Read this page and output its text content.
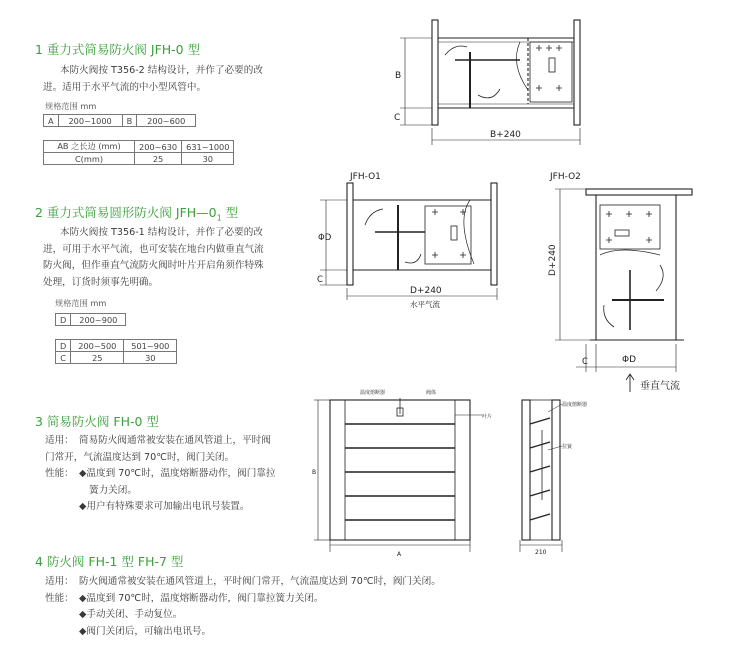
1 重力式简易防火阀 JFH-0 型
本防火阀按 T356-2 结构设计，并作了必要的改
进。适用于水平气流的中小型风管中。
规格范围 mm
A	200~1000	B	200~600
AB 之长边 (mm)	200~630	631~1000
C(mm)	25	30
2 重力式简易圆形防火阀 $JFH—0_1$ 型
本防火阀按 T356-1 结构设计，并作了必要的改
进，可用于水平气流，也可安装在地台内做垂直气流
防火阀，但作垂直气流防火阀时叶片开启角须作特殊
处理，订货时须事先明确。
规格范围 mm
D	200~900
D	200~500	501~900
C	25	30
3 简易防火阀 FH-0 型
适用： 简易防火阀通常被安装在通风管道上，平时阀
门常开，气流温度达到 70℃时，阀门关闭。
性能： ◆温度到 70℃时，温度熔断器动作，阀门靠拉
簧力关闭。
◆用户有特殊要求可加输出电讯号装置。
4 防火阀 FH-1 型 FH-7 型
适用： 防火阀通常被安装在通风管道上，平时阀门常开，气流温度达到 70℃时，阀门关闭。
性能： ◆温度到 70℃时，温度熔断器动作，阀门靠拉簧力关闭。
◆手动关闭、手动复位。
◆阀门关闭后，可输出电讯号。
B
C
B+240
JFH-O1
ΦD
C
D+240
水平气流
JFH-O2
D+240
C	ΦD
垂直气流
温度熔断器	阀体
叶片
B
A	210
温度熔断器
拉簧
